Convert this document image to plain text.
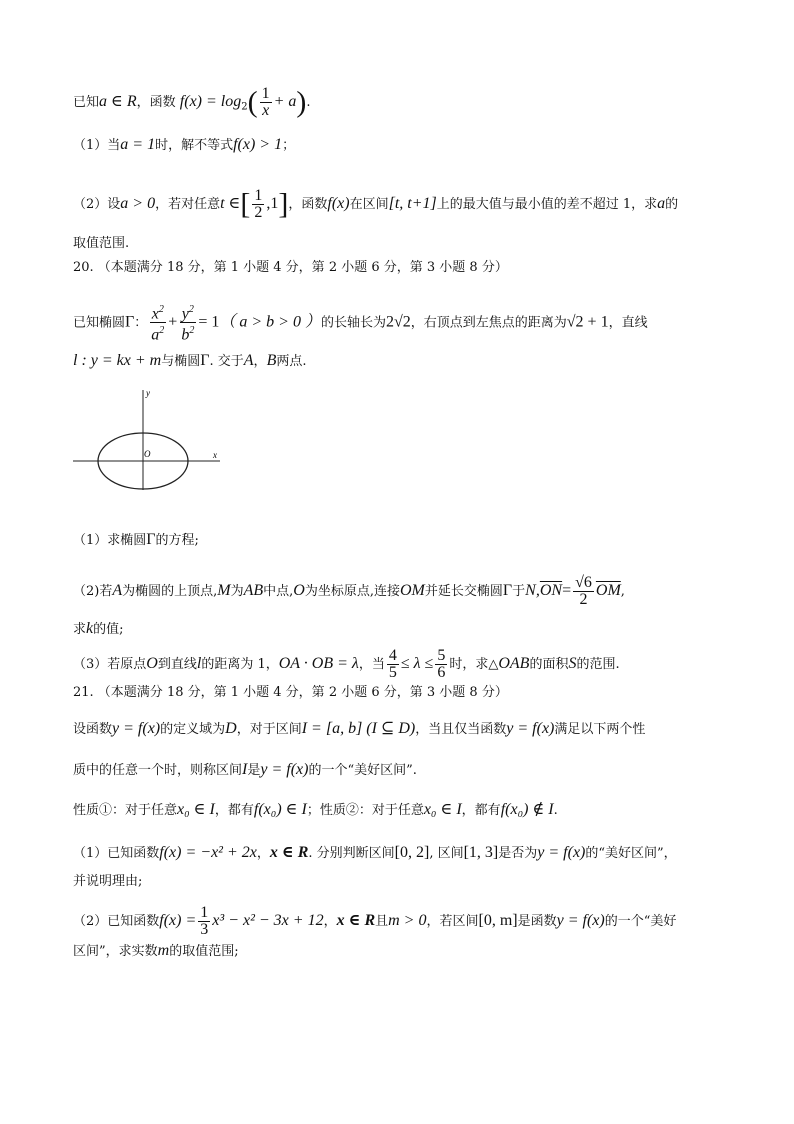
已知a ∈ R，函数 $f(x) = \log_2( \frac{1}{x} + a)$.
（1）当a = 1时，解不等式f(x) > 1；
（2）设a > 0，若对任意t ∈[ $\frac{1}{2} ,1$]，函数f(x)在区间[t, t+1]上的最大值与最小值的差不超过 1，求a的
取值范围.
20. （本题满分 18 分，第 1 小题 4 分，第 2 小题 6 分，第 3 小题 8 分）
已知椭圆Γ： $\frac{x^2}{a^2} + \frac{y^2}{b^2} = 1$（ a > b > 0 ）的长轴长为2√2，右顶点到左焦点的距离为√2 + 1，直线
l : y = kx + m与椭圆Γ. 交于A，B两点.
y
x
O
（1）求椭圆Γ的方程;
（2)若A为椭圆的上顶点,M为AB中点,O为坐标原点,连接OM并延长交椭圆Γ于$N,\overline{ON}= \frac{√6}{2} \overline{OM}$,
求k的值;
（3）若原点O到直线l的距离为 1，OA · OB = λ，当 $\frac{4}{5} \le \lambda \le \frac{5}{6}$ 时，求△OAB的面积S的范围.
21. （本题满分 18 分，第 1 小题 4 分，第 2 小题 6 分，第 3 小题 8 分）
设函数y = f(x)的定义域为D，对于区间I = [a, b] (I ⊆ D)，当且仅当函数y = f(x)满足以下两个性
质中的任意一个时，则称区间I是y = f(x)的一个“美好区间”.
性质①：对于任意x₀ ∈ I，都有f(x₀) ∈ I；性质②：对于任意x₀ ∈ I，都有f(x₀) ∉ I.
（1）已知函数f(x) = −x² + 2x，x ∈ R. 分别判断区间[0, 2], 区间[1, 3]是否为y = f(x)的“美好区间”，
并说明理由;
（2）已知函数$f(x) = \frac{1}{3} x^3 - x^2 - 3x + 12$，x ∈ R且m > 0，若区间[0, m]是函数y = f(x)的一个“美好
区间”，求实数m的取值范围;
